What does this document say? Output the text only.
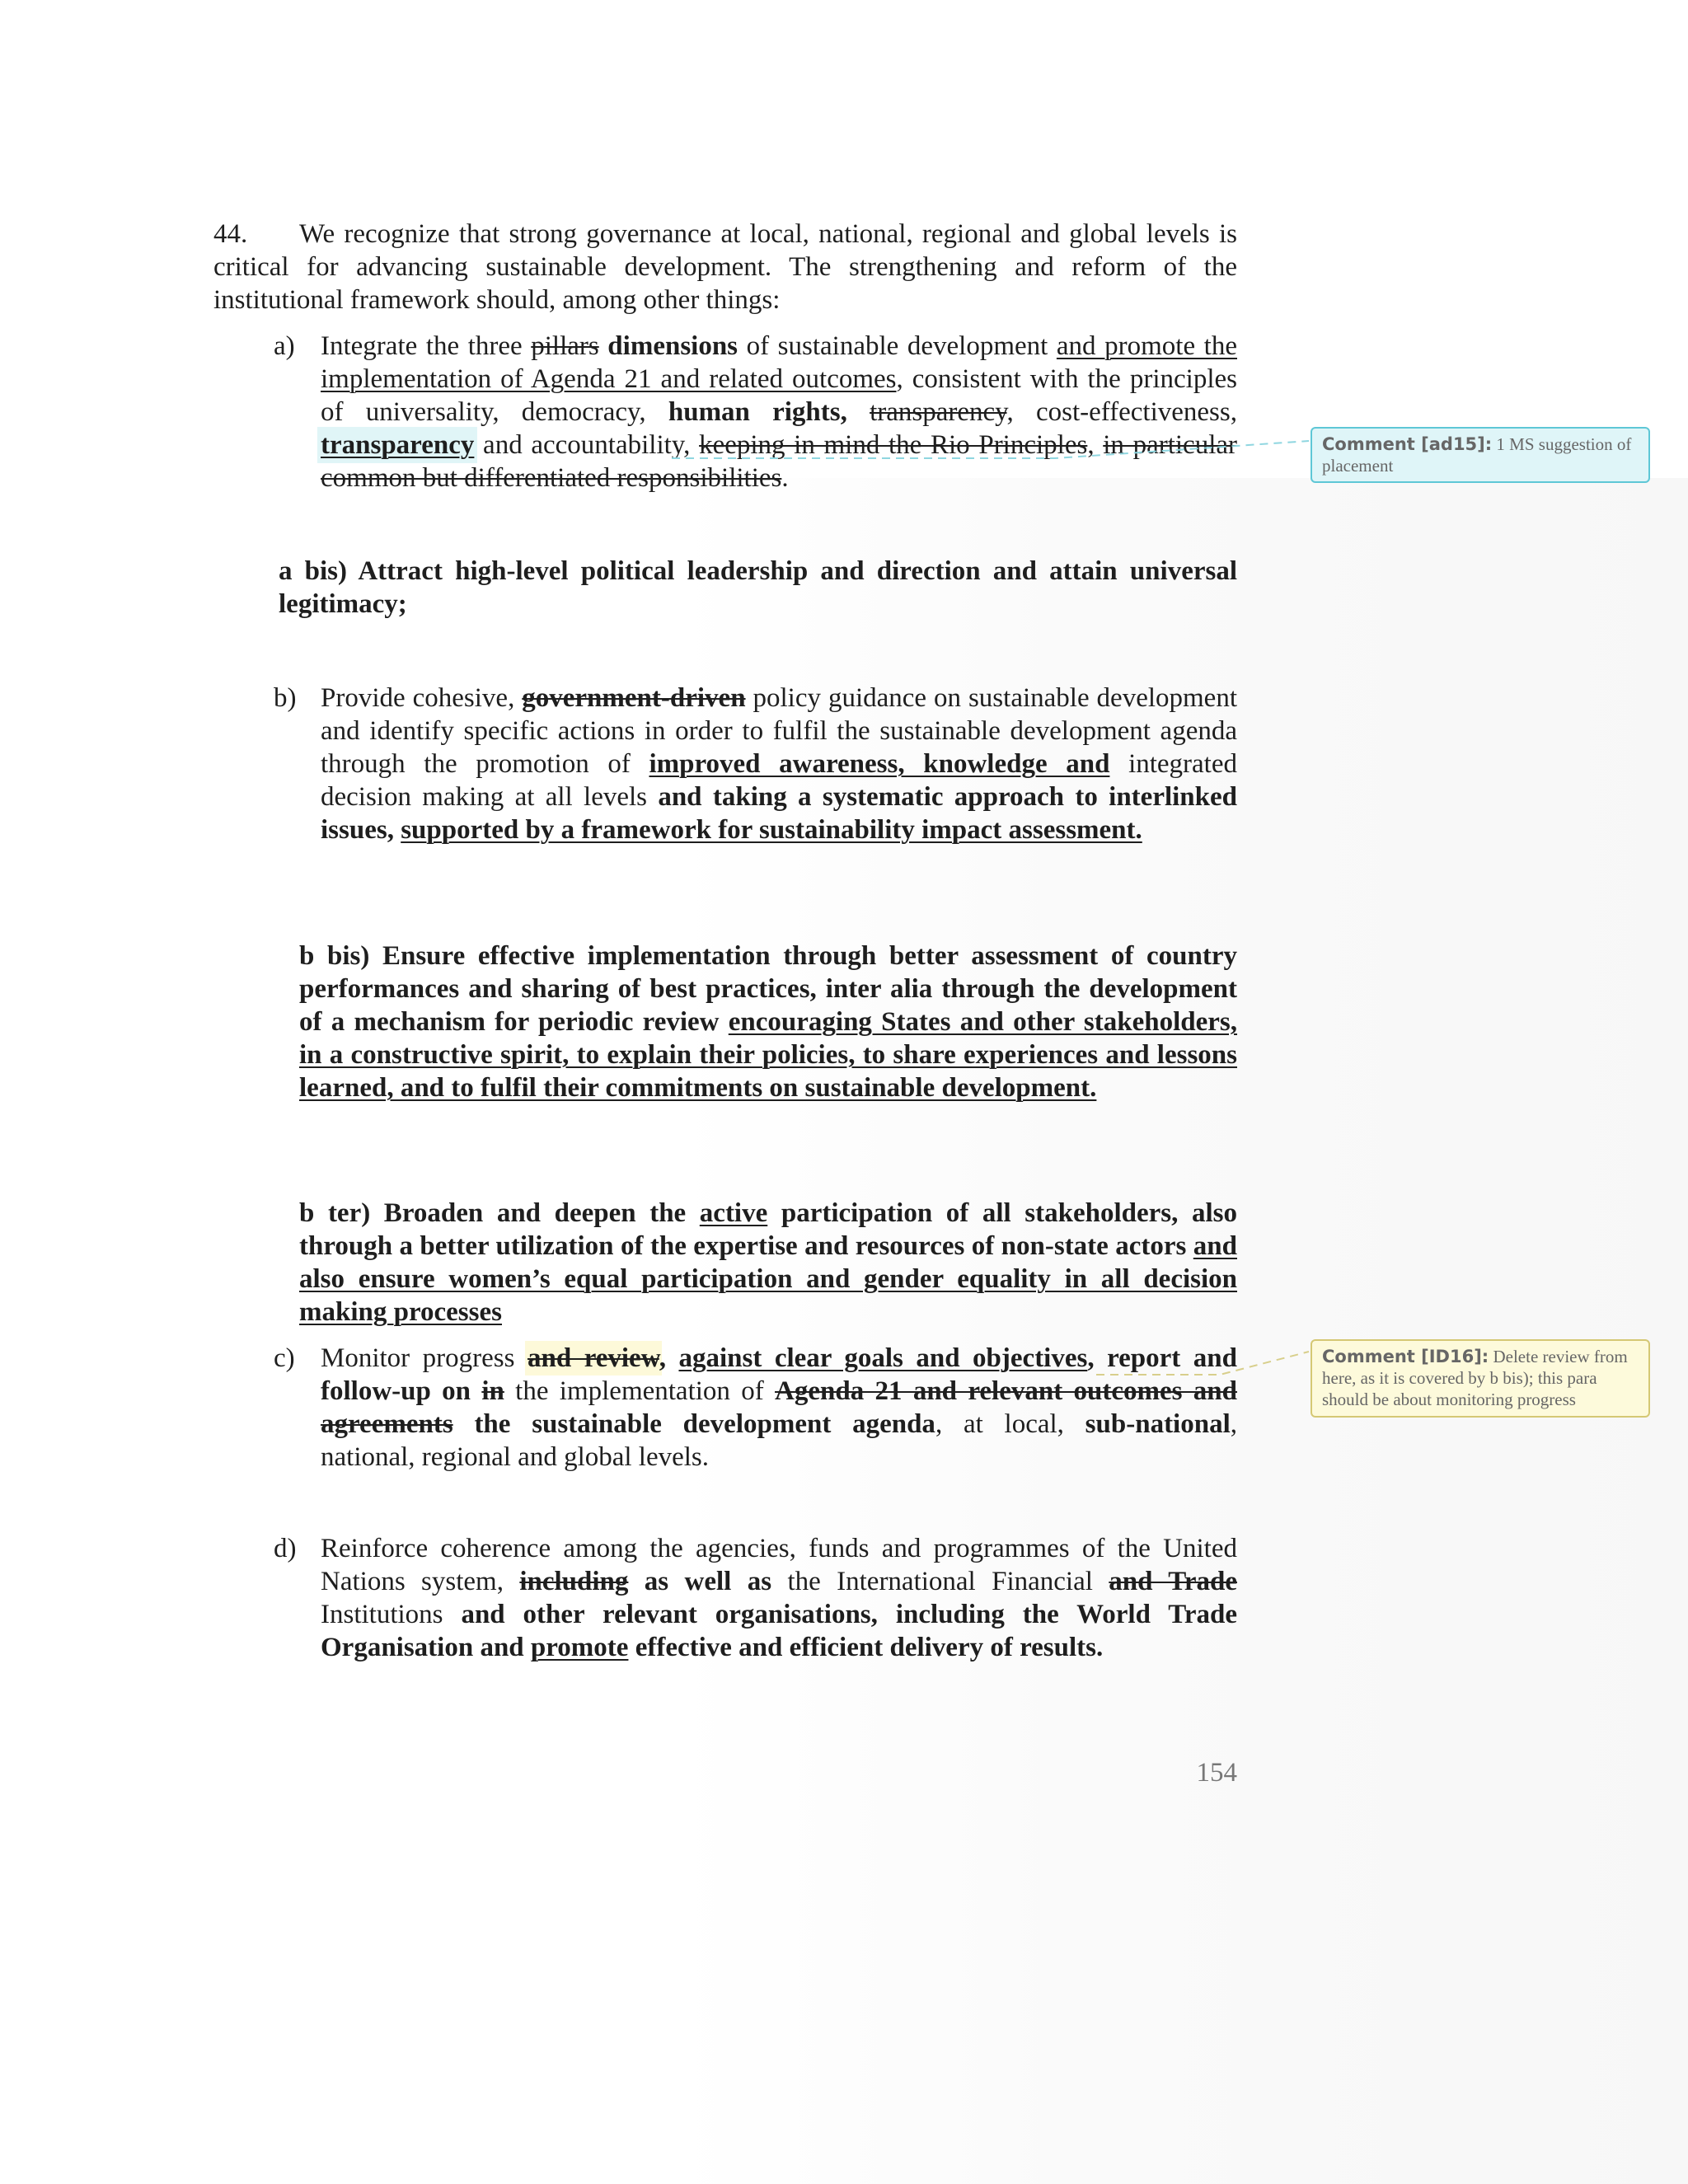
44. We recognize that strong governance at local, national, regional and global levels is critical for advancing sustainable development. The strengthening and reform of the institutional framework should, among other things:
a) Integrate the three pillars dimensions of sustainable development and promote the implementation of Agenda 21 and related outcomes, consistent with the principles of universality, democracy, human rights, transparency, cost-effectiveness, transparency and accountability, keeping in mind the Rio Principles, in particular common but differentiated responsibilities.
a bis) Attract high-level political leadership and direction and attain universal legitimacy;
b) Provide cohesive, government-driven policy guidance on sustainable development and identify specific actions in order to fulfil the sustainable development agenda through the promotion of improved awareness, knowledge and integrated decision making at all levels and taking a systematic approach to interlinked issues, supported by a framework for sustainability impact assessment.
b bis) Ensure effective implementation through better assessment of country performances and sharing of best practices, inter alia through the development of a mechanism for periodic review encouraging States and other stakeholders, in a constructive spirit, to explain their policies, to share experiences and lessons learned, and to fulfil their commitments on sustainable development.
b ter) Broaden and deepen the active participation of all stakeholders, also through a better utilization of the expertise and resources of non-state actors and also ensure women’s equal participation and gender equality in all decision making processes
c) Monitor progress and review, against clear goals and objectives, report and follow-up on in the implementation of Agenda 21 and relevant outcomes and agreements the sustainable development agenda, at local, sub-national, national, regional and global levels.
d) Reinforce coherence among the agencies, funds and programmes of the United Nations system, including as well as the International Financial and Trade Institutions and other relevant organisations, including the World Trade Organisation and promote effective and efficient delivery of results.
154
Comment [ad15]: 1 MS suggestion of placement
Comment [ID16]: Delete review from here, as it is covered by b bis); this para should be about monitoring progress
